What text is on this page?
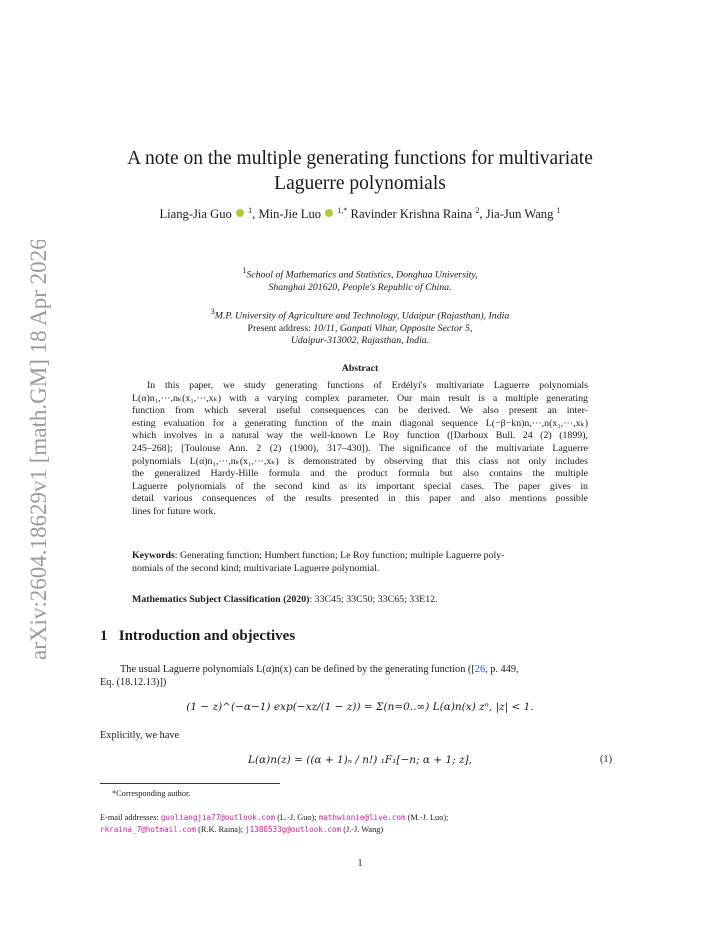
arXiv:2604.18629v1 [math.GM] 18 Apr 2026
A note on the multiple generating functions for multivariate
Laguerre polynomials
Liang-Jia Guo $^1$, Min-Jie Luo $^{1,*}$ Ravinder Krishna Raina $^2$, Jia-Jun Wang $^1$
$^1$School of Mathematics and Statistics, Donghua University,
Shanghai 201620, People's Republic of China.
$^3$M.P. University of Agriculture and Technology, Udaipur (Rajasthan), India
Present address: 10/11, Ganpati Vihar, Opposite Sector 5,
Udaipur-313002, Rajasthan, India.
Abstract
In this paper, we study generating functions of Erdélyi's multivariate Laguerre polynomials
L(α)n₁,···,nₖ(x₁,···,xₖ) with a varying complex parameter. Our main result is a multiple generating
function from which several useful consequences can be derived. We also present an inter-
esting evaluation for a generating function of the main diagonal sequence L(−β−kn)n,···,n(x₁,···,xₖ)
which involves in a natural way the well-known Le Roy function ([Darboux Bull. 24 (2) (1899),
245–268]; [Toulouse Ann. 2 (2) (1900), 317–430]). The significance of the multivariate Laguerre
polynomials L(α)n₁,···,nₖ(x₁,···,xₖ) is demonstrated by observing that this class not only includes
the generalized Hardy-Hille formula and the product formula but also contains the multiple
Laguerre polynomials of the second kind as its important special cases. The paper gives in
detail various consequences of the results presented in this paper and also mentions possible
lines for future work.
Keywords: Generating function; Humbert function; Le Roy function; multiple Laguerre poly-
nomials of the second kind; multivariate Laguerre polynomial.
Mathematics Subject Classification (2020): 33C45; 33C50; 33C65; 33E12.
1 Introduction and objectives
The usual Laguerre polynomials L(α)n(x) can be defined by the generating function ([26, p. 449,
Eq. (18.12.13)])
(1 − z)^(−α−1) exp(−xz/(1 − z)) = Σ(n=0..∞) L(α)n(x) zⁿ, |z| < 1.
Explicitly, we have
L(α)n(z) = ((α + 1)ₙ / n!) ₁F₁[−n; α + 1; z],	(1)
*Corresponding author.
E-mail addresses: guoliangjia77@outlook.com (L.-J. Guo); mathwinnie@live.com (M.-J. Luo);
rkraina_7@hotmail.com (R.K. Raina); j1380533g@outlook.com (J.-J. Wang)
1
